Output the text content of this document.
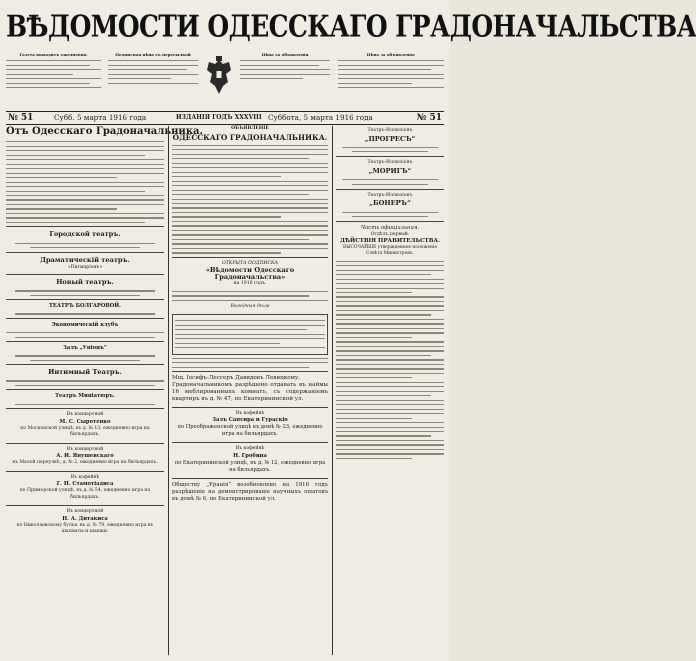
ВѢДОМОСТИ ОДЕССКАГО ГРАДОНАЧАЛЬСТВА
Газета выходитъ ежедневно.	Подписная цѣна съ пересылкой	Цѣна за объявленія	Цѣна за объявленія:
№ 51	Субб. 5 марта 1916 года	ИЗДАНІЯ ГОДЪ XXXVIII Суббота, 5 марта 1916 года	№ 51
Отъ Одесскаго Градоначальника.
Городской театръ.
Драматическій театръ.
«Пигмаріонъ»
Новый театръ.
ТЕАТРЪ БОЛГАРОВОЙ.
Экономическій клубъ
Залъ „Уніонъ“
Интимный Театръ.
Театръ Миніатюръ.
Въ концертной
М. С. Сыротенко
по Московской улицѣ, въ д. № 13, ежедневно игра на бильярдахъ.
Въ концертной
А. И. Янушевскаго
въ Малой переулкѣ, д. № 2, ежедневно игра на бильярдахъ.
Въ кофейнѣ
Г. Н. Стамотіадиса
по Приморской улицѣ, въ д. № 54, ежедневно игра на бильярдахъ.
Въ концертной
Н. А. Дитакиса
по Николаевскому бульв. въ д. № 79, ежедневно игра въ шахматы и шашки.
ОБЪЯВЛЕНІЕ
ОДЕССКАГО ГРАДОНАЧАЛЬНИКА.
ОТКРЫТА ПОДПИСКА
«Вѣдомости Одесскаго Градоначальства»
на 1916 годъ.
Выгодныя дѣла
Мщ. Іосифъ-Лессеръ Давидовъ Левицкому,
Градоначальникомъ разрѣшено отдавать въ наймы 16 меблированныхъ комнатъ, съ содержаніемъ квартиръ въ д. № 47, по Екатерининской ул.
Въ кофейнѣ
Залъ Сапсира и Гураскіо
по Преображенской улицѣ въ домѣ № 23, ежедневно игра на бильярдахъ.
Въ кофейнѣ
Н. Гробина
по Екатерининской улицѣ, въ д. № 12, ежедневно игра на бильярдахъ.
Обществу „Уранія“ возобновлено на 1916 годъ разрѣшеніе на демонстрированіе научныхъ опытовъ въ домѣ № 6, по Екатерининской ул.
Театръ-Иллюзіонъ
„ПРОГРЕСЪ“
Театръ-Иллюзіонъ
„МОРИГЪ“
Театръ-Иллюзіонъ
„БОНЕРЪ“
Часть офиціальная.
Отдѣлъ первый.
ДѢЙСТВІЯ ПРАВИТЕЛЬСТВА.
ВЫСОЧАЙШЕ утвержденное положеніе Совѣта Министровъ.
